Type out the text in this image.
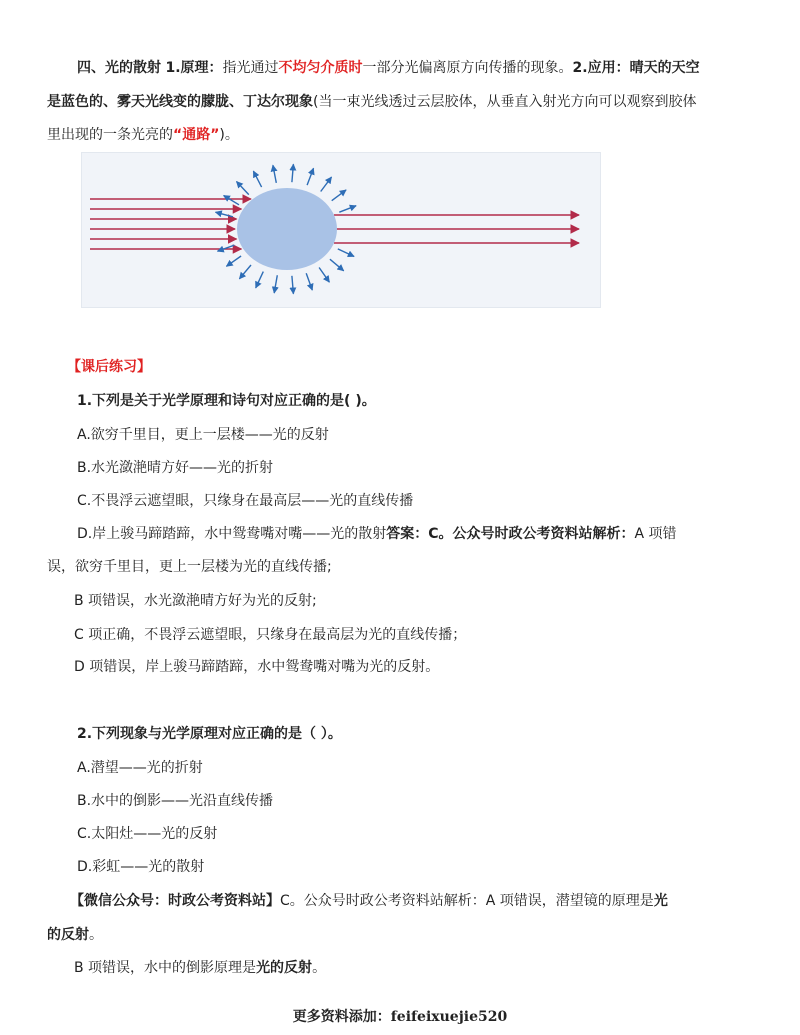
四、光的散射 1.原理：指光通过不均匀介质时一部分光偏离原方向传播的现象。2.应用：晴天的天空
是蓝色的、雾天光线变的朦胧、丁达尔现象(当一束光线透过云层胶体，从垂直入射光方向可以观察到胶体
里出现的一条光亮的“通路”)。
【课后练习】
1.下列是关于光学原理和诗句对应正确的是( )。
A.欲穷千里目，更上一层楼——光的反射
B.水光潋滟晴方好——光的折射
C.不畏浮云遮望眼，只缘身在最高层——光的直线传播
D.岸上骏马蹄踏蹄，水中鸳鸯嘴对嘴——光的散射答案：C。公众号时政公考资料站解析：A 项错
误，欲穷千里目，更上一层楼为光的直线传播;
B 项错误，水光潋滟晴方好为光的反射;
C 项正确，不畏浮云遮望眼，只缘身在最高层为光的直线传播；
D 项错误，岸上骏马蹄踏蹄，水中鸳鸯嘴对嘴为光的反射。
2.下列现象与光学原理对应正确的是（ ）。
A.潜望——光的折射
B.水中的倒影——光沿直线传播
C.太阳灶——光的反射
D.彩虹——光的散射
【微信公众号：时政公考资料站】C。公众号时政公考资料站解析：A 项错误，潜望镜的原理是光
的反射。
B 项错误，水中的倒影原理是光的反射。
更多资料添加：feifeixuejie520
